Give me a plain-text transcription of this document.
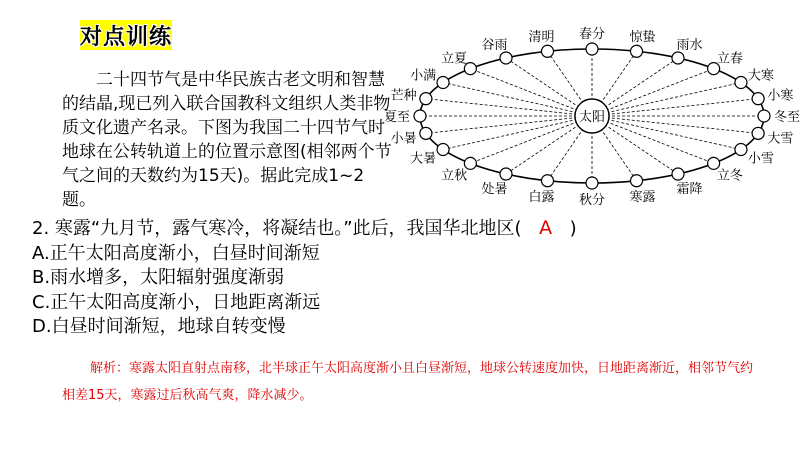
对点训练

二十四节气是中华民族古老文明和智慧的结晶,现已列入联合国教科文组织人类非物质文化遗产名录。下图为我国二十四节气时地球在公转轨道上的位置示意图(相邻两个节气之间的天数约为15天)。据此完成1~2题。

太阳	冬至
小寒
大寒
立春
雨水
惊蛰
春分
清明
谷雨
立夏
小满
芒种
夏至
小暑
大暑
立秋
处暑
白露 秋分 寒露
霜降
立冬
小雪
大雪
2. 寒露“九月节，露气寒冷，将凝结也。”此后，我国华北地区( A )
A.正午太阳高度渐小，白昼时间渐短
B.雨水增多，太阳辐射强度渐弱
C.正午太阳高度渐小，日地距离渐远
D.白昼时间渐短，地球自转变慢
解析：寒露太阳直射点南移，北半球正午太阳高度渐小且白昼渐短，地球公转速度加快，日地距离渐近，相邻节气约相差15天，寒露过后秋高气爽，降水减少。
